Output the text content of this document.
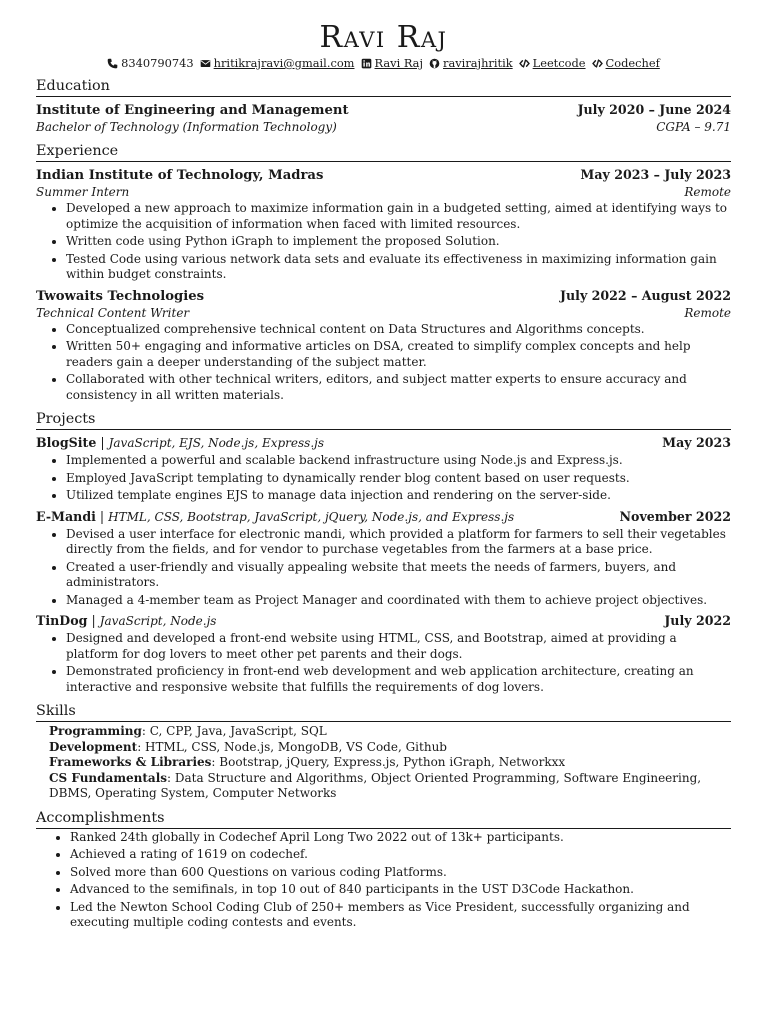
Ravi Raj
8340790743 hritikrajravi@gmail.com Ravi Raj ravirajhritik Leetcode Codechef
Education
Institute of Engineering and Management	July 2020 – June 2024
Bachelor of Technology (Information Technology)	CGPA – 9.71
Experience
Indian Institute of Technology, Madras	May 2023 – July 2023
Summer Intern	Remote
• Developed a new approach to maximize information gain in a budgeted setting, aimed at identifying ways to optimize the acquisition of information when faced with limited resources.
• Written code using Python iGraph to implement the proposed Solution.
• Tested Code using various network data sets and evaluate its effectiveness in maximizing information gain within budget constraints.
Twowaits Technologies	July 2022 – August 2022
Technical Content Writer	Remote
• Conceptualized comprehensive technical content on Data Structures and Algorithms concepts.
• Written 50+ engaging and informative articles on DSA, created to simplify complex concepts and help readers gain a deeper understanding of the subject matter.
• Collaborated with other technical writers, editors, and subject matter experts to ensure accuracy and consistency in all written materials.
Projects
BlogSite | JavaScript, EJS, Node.js, Express.js	May 2023
• Implemented a powerful and scalable backend infrastructure using Node.js and Express.js.
• Employed JavaScript templating to dynamically render blog content based on user requests.
• Utilized template engines EJS to manage data injection and rendering on the server-side.
E-Mandi | HTML, CSS, Bootstrap, JavaScript, jQuery, Node.js, and Express.js	November 2022
• Devised a user interface for electronic mandi, which provided a platform for farmers to sell their vegetables directly from the fields, and for vendor to purchase vegetables from the farmers at a base price.
• Created a user-friendly and visually appealing website that meets the needs of farmers, buyers, and administrators.
• Managed a 4-member team as Project Manager and coordinated with them to achieve project objectives.
TinDog | JavaScript, Node.js	July 2022
• Designed and developed a front-end website using HTML, CSS, and Bootstrap, aimed at providing a platform for dog lovers to meet other pet parents and their dogs.
• Demonstrated proficiency in front-end web development and web application architecture, creating an interactive and responsive website that fulfills the requirements of dog lovers.
Skills
Programming: C, CPP, Java, JavaScript, SQL
Development: HTML, CSS, Node.js, MongoDB, VS Code, Github
Frameworks & Libraries: Bootstrap, jQuery, Express.js, Python iGraph, Networkxx
CS Fundamentals: Data Structure and Algorithms, Object Oriented Programming, Software Engineering, DBMS, Operating System, Computer Networks
Accomplishments
• Ranked 24th globally in Codechef April Long Two 2022 out of 13k+ participants.
• Achieved a rating of 1619 on codechef.
• Solved more than 600 Questions on various coding Platforms.
• Advanced to the semifinals, in top 10 out of 840 participants in the UST D3Code Hackathon.
• Led the Newton School Coding Club of 250+ members as Vice President, successfully organizing and executing multiple coding contests and events.
